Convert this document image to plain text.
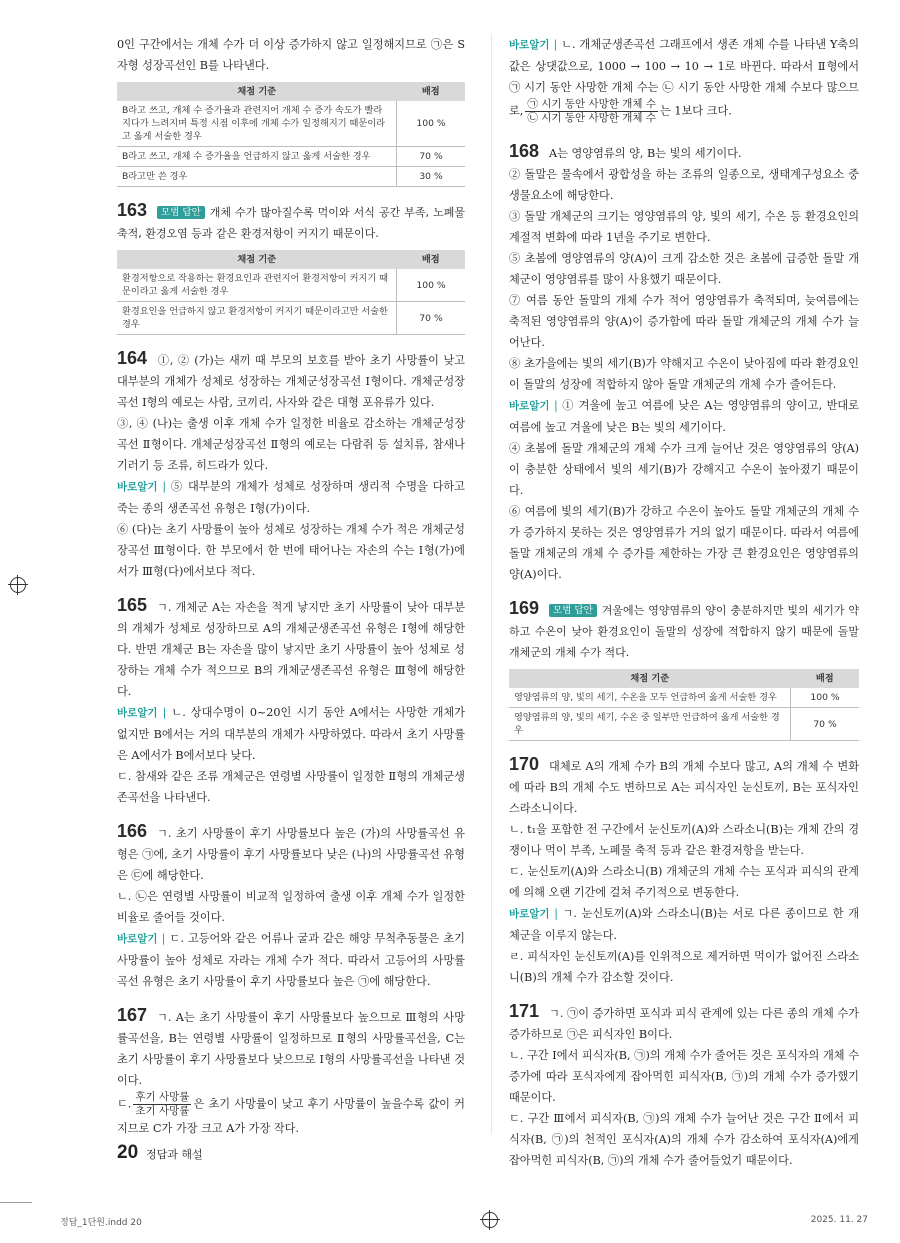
0인 구간에서는 개체 수가 더 이상 증가하지 않고 일정해지므로 ㉠은 S자형 성장곡선인 B를 나타낸다.

채점 기준	배점
B라고 쓰고, 개체 수 증가율과 관련지어 개체 수 증가 속도가 빨라지다가 느려지며 특정 시점 이후에 개체 수가 일정해지기 때문이라고 옳게 서술한 경우	100 %
B라고 쓰고, 개체 수 증가율을 언급하지 않고 옳게 서술한 경우	70 %
B라고만 쓴 경우	30 %

163 모범 답안 개체 수가 많아질수록 먹이와 서식 공간 부족, 노폐물 축적, 환경오염 등과 같은 환경저항이 커지기 때문이다.

채점 기준	배점
환경저항으로 작용하는 환경요인과 관련지어 환경저항이 커지기 때문이라고 옳게 서술한 경우	100 %
환경요인을 언급하지 않고 환경저항이 커지기 때문이라고만 서술한 경우	70 %

164 ①, ② (가)는 새끼 때 부모의 보호를 받아 초기 사망률이 낮고 대부분의 개체가 성체로 성장하는 개체군성장곡선 Ⅰ형이다. 개체군성장곡선 Ⅰ형의 예로는 사람, 코끼리, 사자와 같은 대형 포유류가 있다.

③, ④ (나)는 출생 이후 개체 수가 일정한 비율로 감소하는 개체군성장곡선 Ⅱ형이다. 개체군성장곡선 Ⅱ형의 예로는 다람쥐 등 설치류, 참새나 기러기 등 조류, 히드라가 있다.

바로알기 | ⑤ 대부분의 개체가 성체로 성장하며 생리적 수명을 다하고 죽는 종의 생존곡선 유형은 Ⅰ형(가)이다.

⑥ (다)는 초기 사망률이 높아 성체로 성장하는 개체 수가 적은 개체군성장곡선 Ⅲ형이다. 한 부모에서 한 번에 태어나는 자손의 수는 Ⅰ형(가)에서가 Ⅲ형(다)에서보다 적다.

165 ㄱ. 개체군 A는 자손을 적게 낳지만 초기 사망률이 낮아 대부분의 개체가 성체로 성장하므로 A의 개체군생존곡선 유형은 Ⅰ형에 해당한다. 반면 개체군 B는 자손을 많이 낳지만 초기 사망률이 높아 성체로 성장하는 개체 수가 적으므로 B의 개체군생존곡선 유형은 Ⅲ형에 해당한다.

바로알기 | ㄴ. 상대수명이 0~20인 시기 동안 A에서는 사망한 개체가 없지만 B에서는 거의 대부분의 개체가 사망하였다. 따라서 초기 사망률은 A에서가 B에서보다 낮다.

ㄷ. 참새와 같은 조류 개체군은 연령별 사망률이 일정한 Ⅱ형의 개체군생존곡선을 나타낸다.

166 ㄱ. 초기 사망률이 후기 사망률보다 높은 (가)의 사망률곡선 유형은 ㉠에, 초기 사망률이 후기 사망률보다 낮은 (나)의 사망률곡선 유형은 ㉢에 해당한다.

ㄴ. ㉡은 연령별 사망률이 비교적 일정하여 출생 이후 개체 수가 일정한 비율로 줄어들 것이다.

바로알기 | ㄷ. 고등어와 같은 어류나 굴과 같은 해양 무척추동물은 초기 사망률이 높아 성체로 자라는 개체 수가 적다. 따라서 고등어의 사망률곡선 유형은 초기 사망률이 후기 사망률보다 높은 ㉠에 해당한다.

167 ㄱ. A는 초기 사망률이 후기 사망률보다 높으므로 Ⅲ형의 사망률곡선을, B는 연령별 사망률이 일정하므로 Ⅱ형의 사망률곡선을, C는 초기 사망률이 후기 사망률보다 낮으므로 Ⅰ형의 사망률곡선을 나타낸 것이다.

ㄷ. $\frac{\text{후기 사망률}}{\text{초기 사망률}}$ 은 초기 사망률이 낮고 후기 사망률이 높을수록 값이 커지므로 C가 가장 크고 A가 가장 작다.

바로알기 | ㄴ. 개체군생존곡선 그래프에서 생존 개체 수를 나타낸 Y축의 값은 상댓값으로, 1000 → 100 → 10 → 1로 바뀐다. 따라서 Ⅱ형에서 ㉠ 시기 동안 사망한 개체 수는 ㉡ 시기 동안 사망한 개체 수보다 많으므로, $\frac{\text{㉠ 시기 동안 사망한 개체 수}}{\text{㉡ 시기 동안 사망한 개체 수}}$ 는 1보다 크다.

168 A는 영양염류의 양, B는 빛의 세기이다.

② 돌말은 물속에서 광합성을 하는 조류의 일종으로, 생태계구성요소 중 생물요소에 해당한다.

③ 돌말 개체군의 크기는 영양염류의 양, 빛의 세기, 수온 등 환경요인의 계절적 변화에 따라 1년을 주기로 변한다.

⑤ 초봄에 영양염류의 양(A)이 크게 감소한 것은 초봄에 급증한 돌말 개체군이 영양염류를 많이 사용했기 때문이다.

⑦ 여름 동안 돌말의 개체 수가 적어 영양염류가 축적되며, 늦여름에는 축적된 영양염류의 양(A)이 증가함에 따라 돌말 개체군의 개체 수가 늘어난다.

⑧ 초가을에는 빛의 세기(B)가 약해지고 수온이 낮아짐에 따라 환경요인이 돌말의 성장에 적합하지 않아 돌말 개체군의 개체 수가 줄어든다.

바로알기 | ① 겨울에 높고 여름에 낮은 A는 영양염류의 양이고, 반대로 여름에 높고 겨울에 낮은 B는 빛의 세기이다.

④ 초봄에 돌말 개체군의 개체 수가 크게 늘어난 것은 영양염류의 양(A)이 충분한 상태에서 빛의 세기(B)가 강해지고 수온이 높아졌기 때문이다.

⑥ 여름에 빛의 세기(B)가 강하고 수온이 높아도 돌말 개체군의 개체 수가 증가하지 못하는 것은 영양염류가 거의 없기 때문이다. 따라서 여름에 돌말 개체군의 개체 수 증가를 제한하는 가장 큰 환경요인은 영양염류의 양(A)이다.

169 모범 답안 겨울에는 영양염류의 양이 충분하지만 빛의 세기가 약하고 수온이 낮아 환경요인이 돌말의 성장에 적합하지 않기 때문에 돌말 개체군의 개체 수가 적다.

채점 기준	배점
영양염류의 양, 빛의 세기, 수온을 모두 언급하여 옳게 서술한 경우	100 %
영양염류의 양, 빛의 세기, 수온 중 일부만 언급하여 옳게 서술한 경우	70 %

170 대체로 A의 개체 수가 B의 개체 수보다 많고, A의 개체 수 변화에 따라 B의 개체 수도 변하므로 A는 피식자인 눈신토끼, B는 포식자인 스라소니이다.

ㄴ. t₁을 포함한 전 구간에서 눈신토끼(A)와 스라소니(B)는 개체 간의 경쟁이나 먹이 부족, 노폐물 축적 등과 같은 환경저항을 받는다.

ㄷ. 눈신토끼(A)와 스라소니(B) 개체군의 개체 수는 포식과 피식의 관계에 의해 오랜 기간에 걸쳐 주기적으로 변동한다.

바로알기 | ㄱ. 눈신토끼(A)와 스라소니(B)는 서로 다른 종이므로 한 개체군을 이루지 않는다.

ㄹ. 피식자인 눈신토끼(A)를 인위적으로 제거하면 먹이가 없어진 스라소니(B)의 개체 수가 감소할 것이다.

171 ㄱ. ㉠이 증가하면 포식과 피식 관계에 있는 다른 종의 개체 수가 증가하므로 ㉠은 피식자인 B이다.

ㄴ. 구간 Ⅰ에서 피식자(B, ㉠)의 개체 수가 줄어든 것은 포식자의 개체 수 증가에 따라 포식자에게 잡아먹힌 피식자(B, ㉠)의 개체 수가 증가했기 때문이다.

ㄷ. 구간 Ⅲ에서 피식자(B, ㉠)의 개체 수가 늘어난 것은 구간 Ⅱ에서 피식자(B, ㉠)의 천적인 포식자(A)의 개체 수가 감소하여 포식자(A)에게 잡아먹힌 피식자(B, ㉠)의 개체 수가 줄어들었기 때문이다.

20 정답과 해설
정답_1단원.indd 20	2025. 11. 27
